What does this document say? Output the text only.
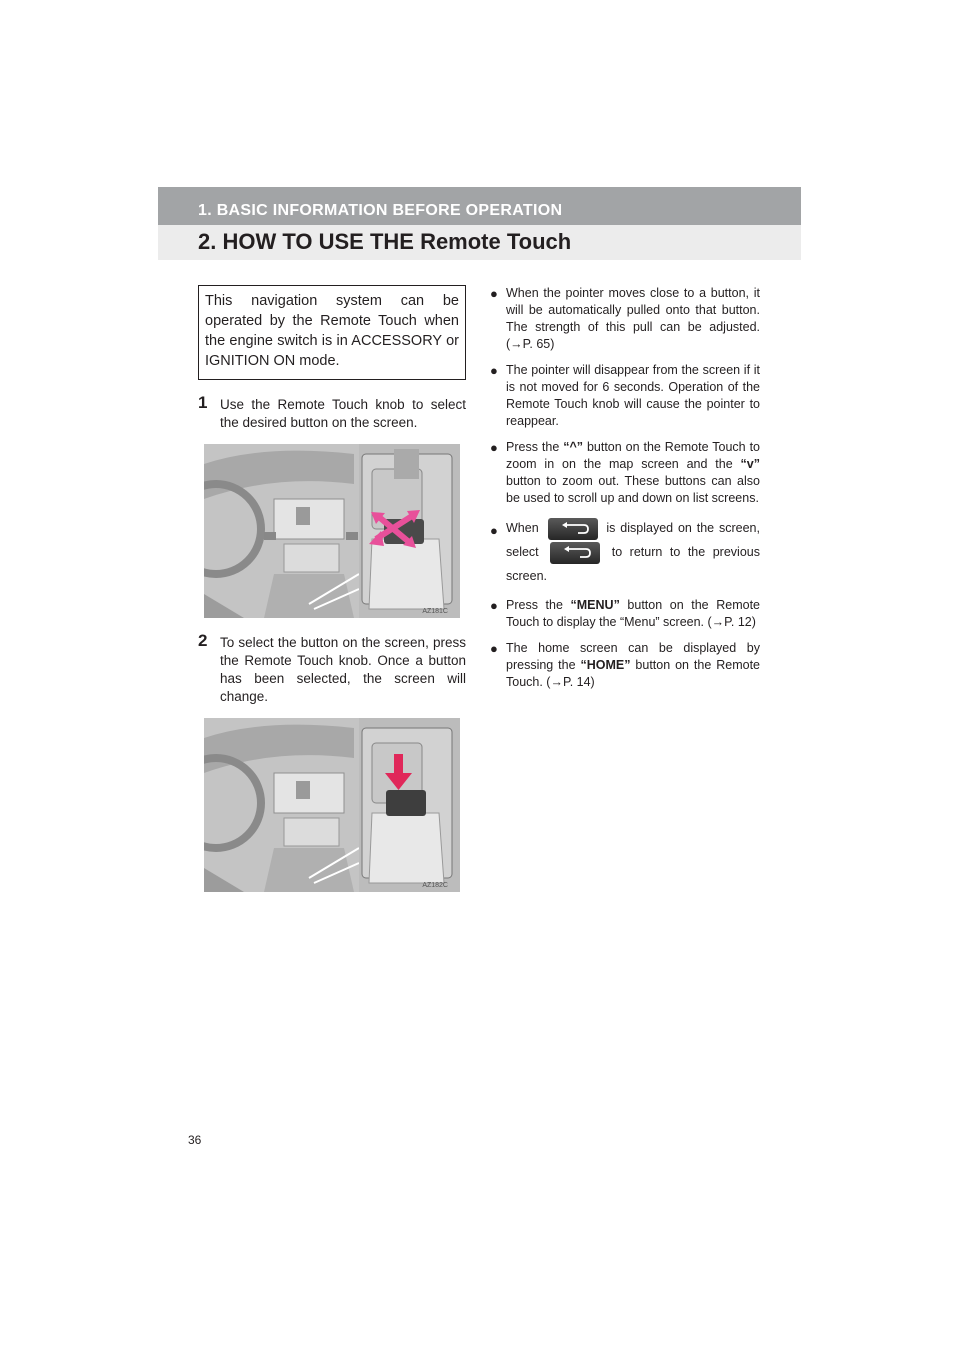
1. BASIC INFORMATION BEFORE OPERATION
2. HOW TO USE THE Remote Touch
This navigation system can be operated by the Remote Touch when the engine switch is in ACCESSORY or IGNITION ON mode.
1 Use the Remote Touch knob to select the desired button on the screen.
AZ181C
2 To select the button on the screen, press the Remote Touch knob. Once a button has been selected, the screen will change.
AZ182C
● When the pointer moves close to a button, it will be automatically pulled onto that button. The strength of this pull can be adjusted. (→P. 65)
● The pointer will disappear from the screen if it is not moved for 6 seconds. Operation of the Remote Touch knob will cause the pointer to reappear.
● Press the “^” button on the Remote Touch to zoom in on the map screen and the “v” button to zoom out. These buttons can also be used to scroll up and down on list screens.
● When	is displayed on the screen, select	to return to the previous screen.
● Press the “MENU” button on the Remote Touch to display the “Menu” screen. (→P. 12)
● The home screen can be displayed by pressing the “HOME” button on the Remote Touch. (→P. 14)
36
